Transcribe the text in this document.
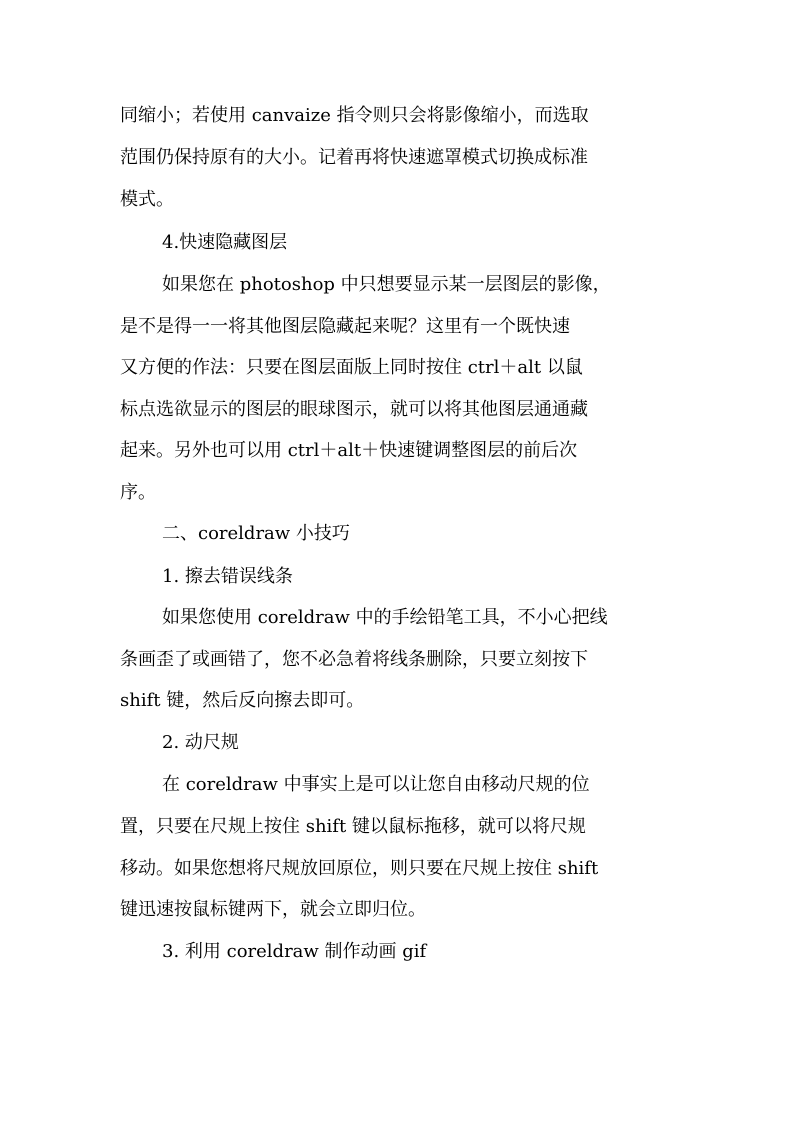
同缩小；若使用 canvaize 指令则只会将影像缩小，而选取
范围仍保持原有的大小。记着再将快速遮罩模式切换成标准
模式。
4.快速隐藏图层
如果您在 photoshop 中只想要显示某一层图层的影像，
是不是得一一将其他图层隐藏起来呢？这里有一个既快速
又方便的作法：只要在图层面版上同时按住 ctrl＋alt 以鼠
标点选欲显示的图层的眼球图示，就可以将其他图层通通藏
起来。另外也可以用 ctrl＋alt＋快速键调整图层的前后次
序。
二、coreldraw 小技巧
1. 擦去错误线条
如果您使用 coreldraw 中的手绘铅笔工具，不小心把线
条画歪了或画错了，您不必急着将线条删除，只要立刻按下
shift 键，然后反向擦去即可。
2. 动尺规
在 coreldraw 中事实上是可以让您自由移动尺规的位
置，只要在尺规上按住 shift 键以鼠标拖移，就可以将尺规
移动。如果您想将尺规放回原位，则只要在尺规上按住 shift
键迅速按鼠标键两下，就会立即归位。
3. 利用 coreldraw 制作动画 gif
